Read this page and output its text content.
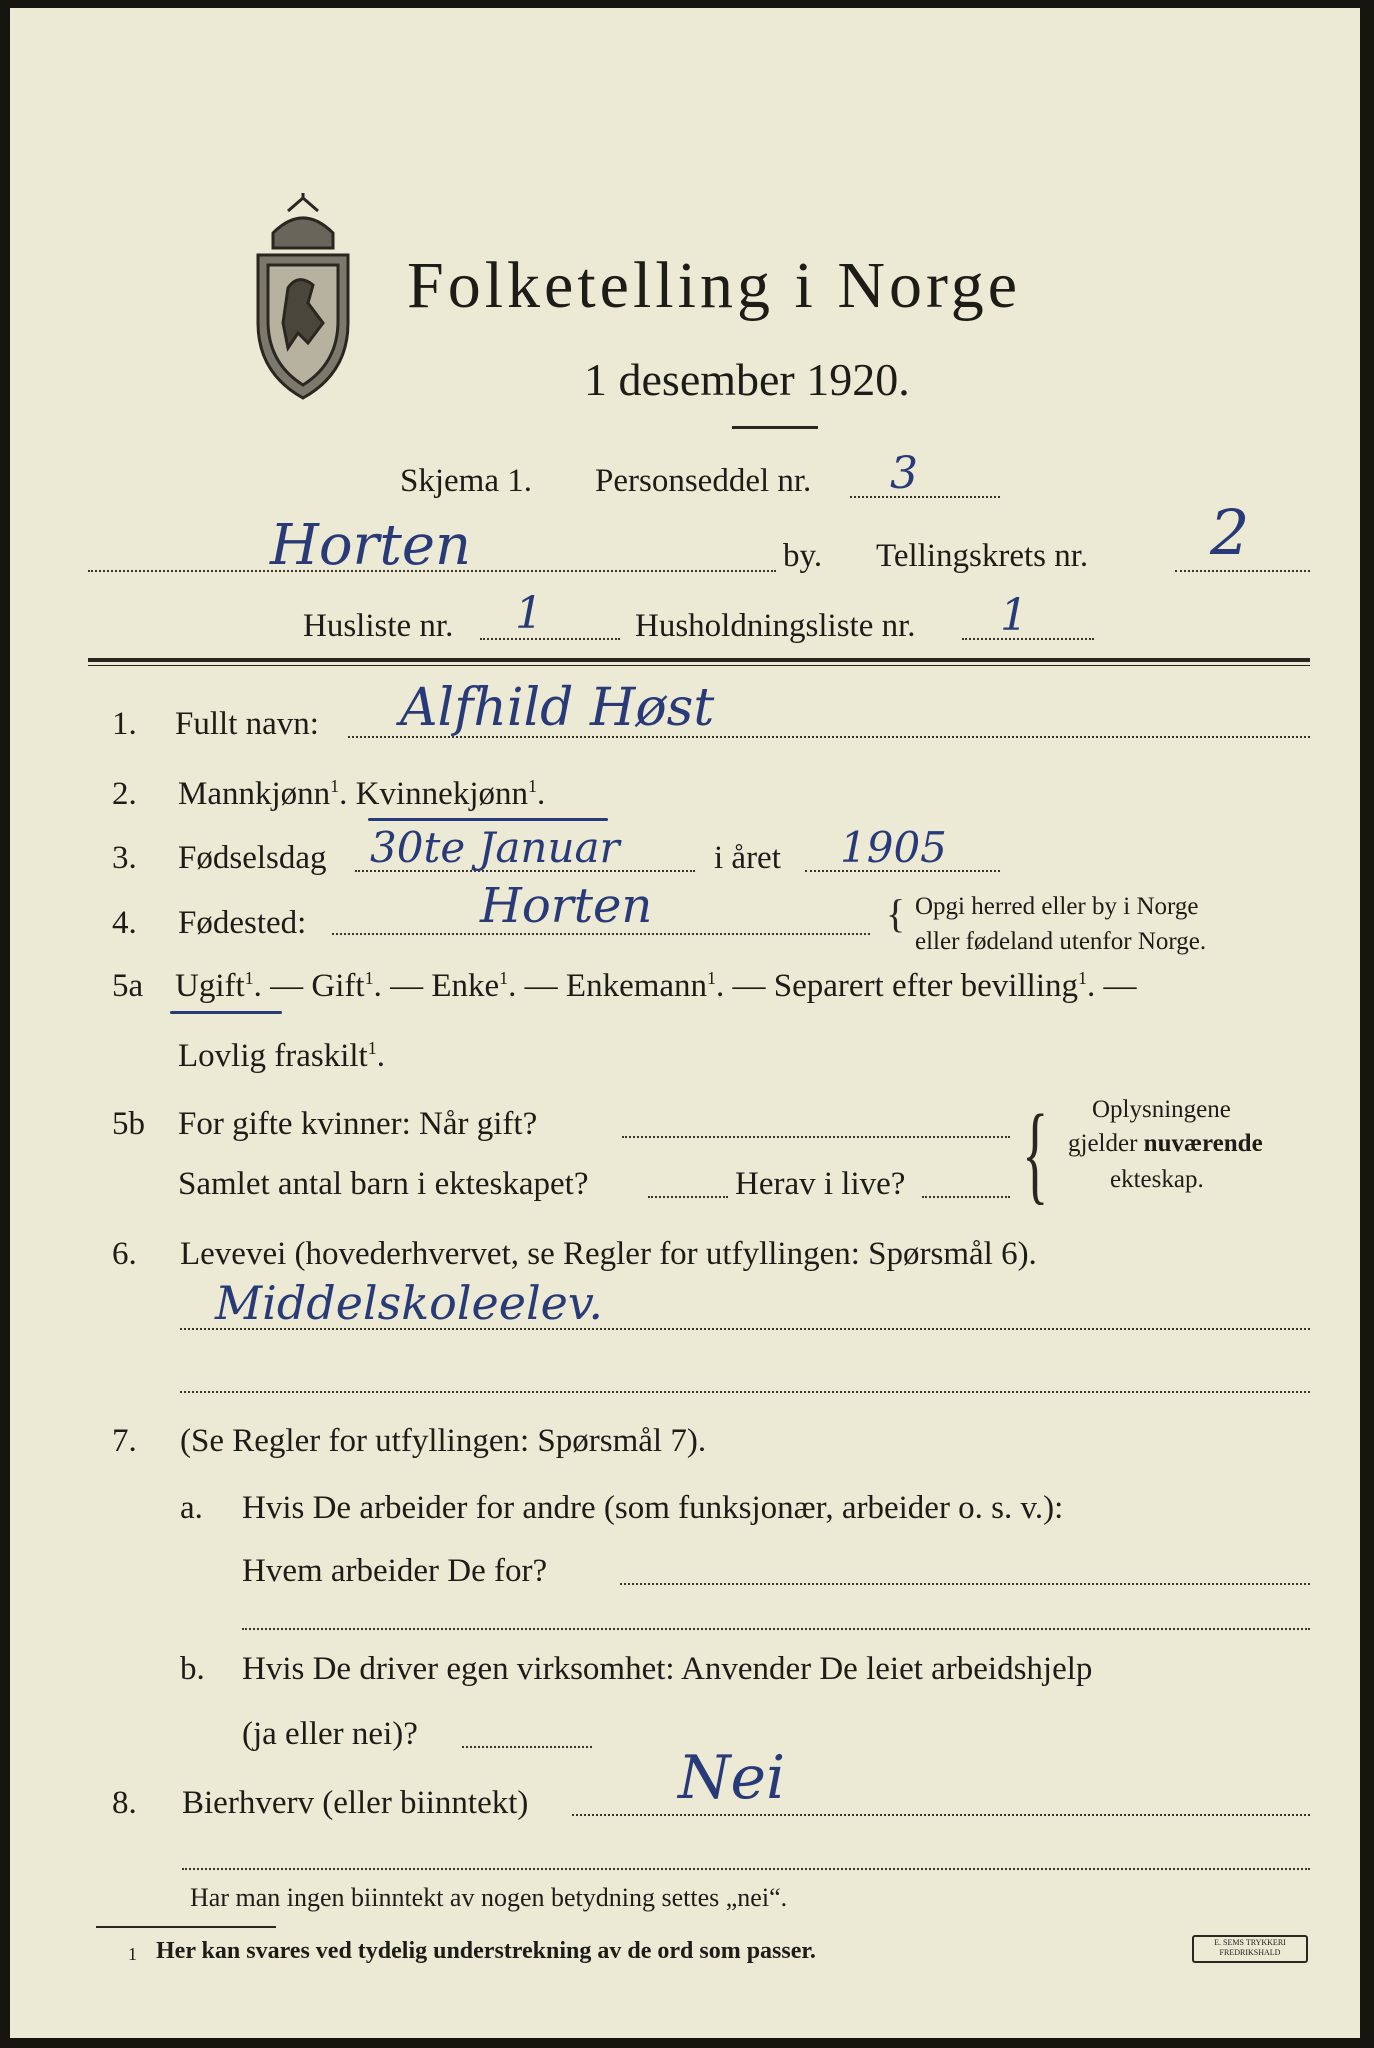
Folketelling i Norge
1 desember 1920.
Skjema 1. Personseddel nr. 3
Horten	by. Tellingskrets nr. 2
Husliste nr. 1	Husholdningsliste nr. 1
1. Fullt navn: Alfhild Høst
2. Mannkjønn$^1$. Kvinnekjønn$^1$.
3. Fødselsdag 30te Januar	i året 1905
4. Fødested:	Horten	{ Opgi herred eller by i Norge
eller fødeland utenfor Norge.
5a Ugift$^1$. — Gift$^1$. — Enke$^1$. — Enkemann$^1$. — Separert efter bevilling$^1$. —
Lovlig fraskilt$^1$.
5b For gifte kvinner: Når gift?
Samlet antal barn i ekteskapet?	Herav i live? { Oplysningene
gjelder nuværende
ekteskap.
6. Levevei (hovederhvervet, se Regler for utfyllingen: Spørsmål 6).
Middelskoleelev.
7. (Se Regler for utfyllingen: Spørsmål 7).
a. Hvis De arbeider for andre (som funksjonær, arbeider o. s. v.):
Hvem arbeider De for?
b. Hvis De driver egen virksomhet: Anvender De leiet arbeidshjelp
(ja eller nei)?
8. Bierhverv (eller biinntekt) Nei
Har man ingen biinntekt av nogen betydning settes „nei“.
1 Her kan svares ved tydelig understrekning av de ord som passer.	E. SEMS TRYKKERI FREDRIKSHALD
